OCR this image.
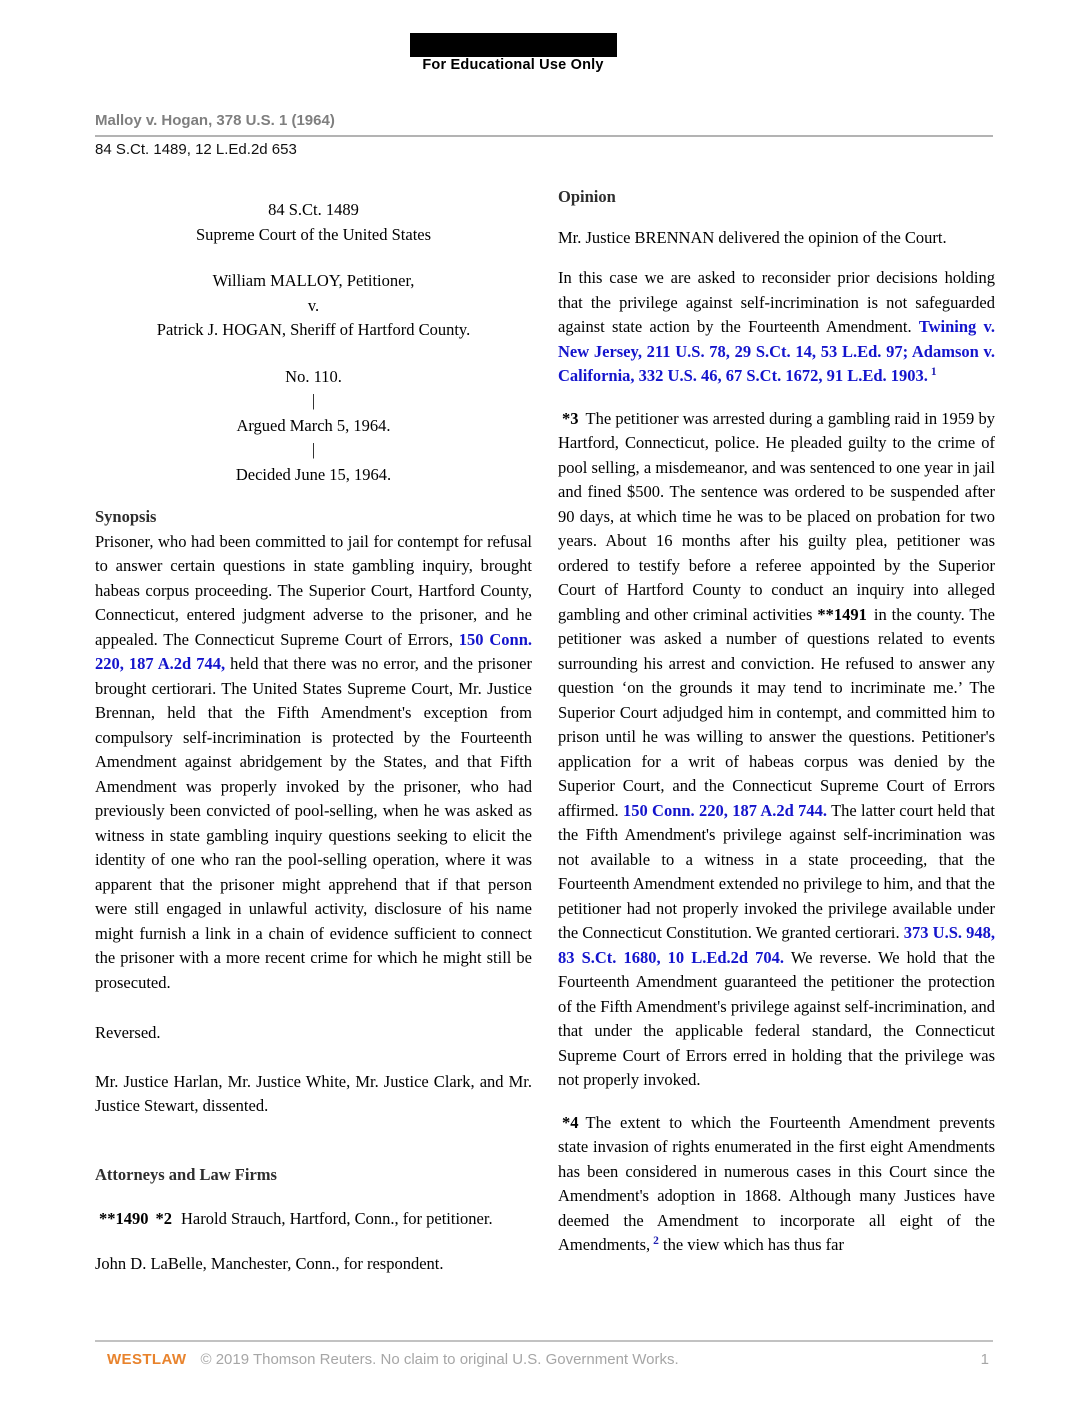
For Educational Use Only
Malloy v. Hogan, 378 U.S. 1 (1964)
84 S.Ct. 1489, 12 L.Ed.2d 653
84 S.Ct. 1489
Supreme Court of the United States
William MALLOY, Petitioner,
v.
Patrick J. HOGAN, Sheriff of Hartford County.
No. 110.
|
Argued March 5, 1964.
|
Decided June 15, 1964.
Synopsis
Prisoner, who had been committed to jail for contempt for refusal to answer certain questions in state gambling inquiry, brought habeas corpus proceeding. The Superior Court, Hartford County, Connecticut, entered judgment adverse to the prisoner, and he appealed. The Connecticut Supreme Court of Errors, 150 Conn. 220, 187 A.2d 744, held that there was no error, and the prisoner brought certiorari. The United States Supreme Court, Mr. Justice Brennan, held that the Fifth Amendment's exception from compulsory self-incrimination is protected by the Fourteenth Amendment against abridgement by the States, and that Fifth Amendment was properly invoked by the prisoner, who had previously been convicted of pool-selling, when he was asked as witness in state gambling inquiry questions seeking to elicit the identity of one who ran the pool-selling operation, where it was apparent that the prisoner might apprehend that if that person were still engaged in unlawful activity, disclosure of his name might furnish a link in a chain of evidence sufficient to connect the prisoner with a more recent crime for which he might still be prosecuted.
Reversed.
Mr. Justice Harlan, Mr. Justice White, Mr. Justice Clark, and Mr. Justice Stewart, dissented.
Attorneys and Law Firms
**1490 *2 Harold Strauch, Hartford, Conn., for petitioner.
John D. LaBelle, Manchester, Conn., for respondent.
Opinion
Mr. Justice BRENNAN delivered the opinion of the Court.
In this case we are asked to reconsider prior decisions holding that the privilege against self-incrimination is not safeguarded against state action by the Fourteenth Amendment. Twining v. New Jersey, 211 U.S. 78, 29 S.Ct. 14, 53 L.Ed. 97; Adamson v. California, 332 U.S. 46, 67 S.Ct. 1672, 91 L.Ed. 1903. $^1$
*3 The petitioner was arrested during a gambling raid in 1959 by Hartford, Connecticut, police. He pleaded guilty to the crime of pool selling, a misdemeanor, and was sentenced to one year in jail and fined $500. The sentence was ordered to be suspended after 90 days, at which time he was to be placed on probation for two years. About 16 months after his guilty plea, petitioner was ordered to testify before a referee appointed by the Superior Court of Hartford County to conduct an inquiry into alleged gambling and other criminal activities **1491 in the county. The petitioner was asked a number of questions related to events surrounding his arrest and conviction. He refused to answer any question ‘on the grounds it may tend to incriminate me.’ The Superior Court adjudged him in contempt, and committed him to prison until he was willing to answer the questions. Petitioner's application for a writ of habeas corpus was denied by the Superior Court, and the Connecticut Supreme Court of Errors affirmed. 150 Conn. 220, 187 A.2d 744. The latter court held that the Fifth Amendment's privilege against self-incrimination was not available to a witness in a state proceeding, that the Fourteenth Amendment extended no privilege to him, and that the petitioner had not properly invoked the privilege available under the Connecticut Constitution. We granted certiorari. 373 U.S. 948, 83 S.Ct. 1680, 10 L.Ed.2d 704. We reverse. We hold that the Fourteenth Amendment guaranteed the petitioner the protection of the Fifth Amendment's privilege against self-incrimination, and that under the applicable federal standard, the Connecticut Supreme Court of Errors erred in holding that the privilege was not properly invoked.
*4 The extent to which the Fourteenth Amendment prevents state invasion of rights enumerated in the first eight Amendments has been considered in numerous cases in this Court since the Amendment's adoption in 1868. Although many Justices have deemed the Amendment to incorporate all eight of the Amendments, $^2$ the view which has thus far
WESTLAW © 2019 Thomson Reuters. No claim to original U.S. Government Works.	1
